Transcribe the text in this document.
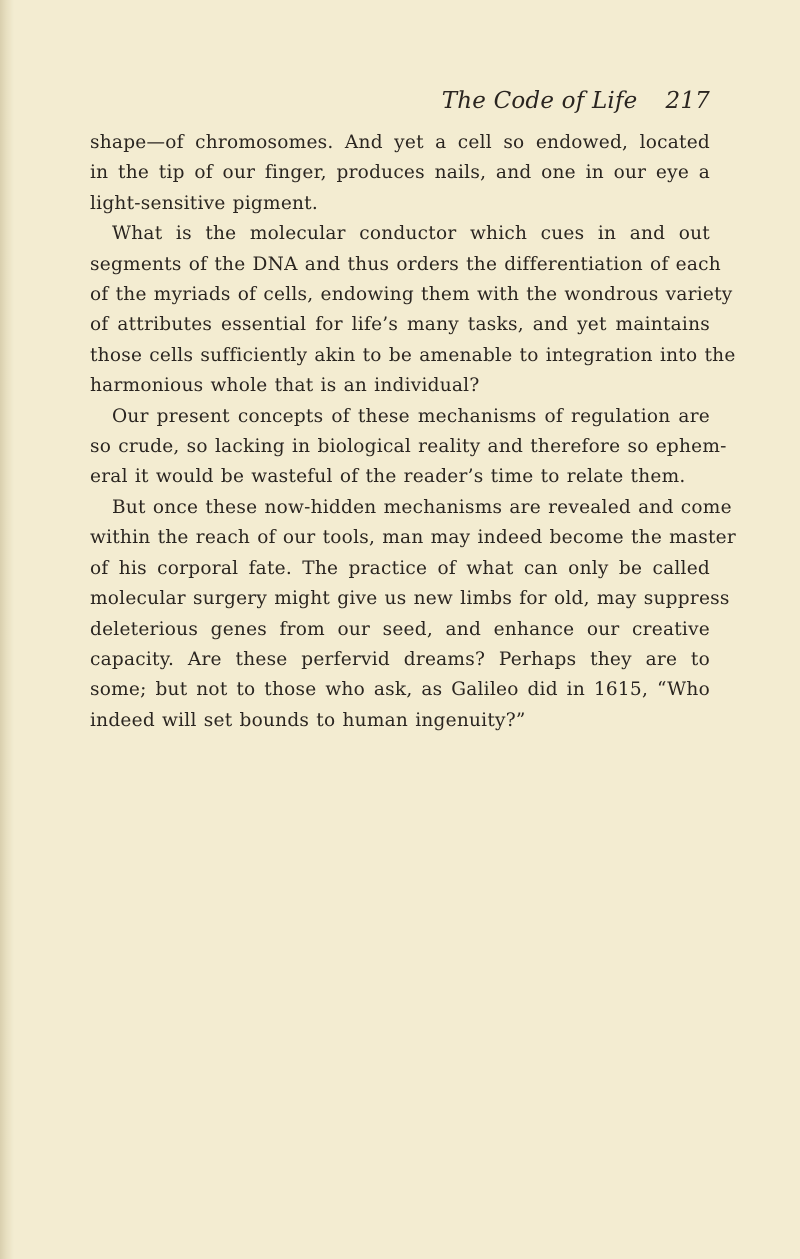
The Code of Life 217
shape—of chromosomes. And yet a cell so endowed, located
in the tip of our finger, produces nails, and one in our eye a
light-sensitive pigment.
What is the molecular conductor which cues in and out
segments of the DNA and thus orders the differentiation of each
of the myriads of cells, endowing them with the wondrous variety
of attributes essential for life’s many tasks, and yet maintains
those cells sufficiently akin to be amenable to integration into the
harmonious whole that is an individual?
Our present concepts of these mechanisms of regulation are
so crude, so lacking in biological reality and therefore so ephem-
eral it would be wasteful of the reader’s time to relate them.
But once these now-hidden mechanisms are revealed and come
within the reach of our tools, man may indeed become the master
of his corporal fate. The practice of what can only be called
molecular surgery might give us new limbs for old, may suppress
deleterious genes from our seed, and enhance our creative
capacity. Are these perfervid dreams? Perhaps they are to
some; but not to those who ask, as Galileo did in 1615, “Who
indeed will set bounds to human ingenuity?”
